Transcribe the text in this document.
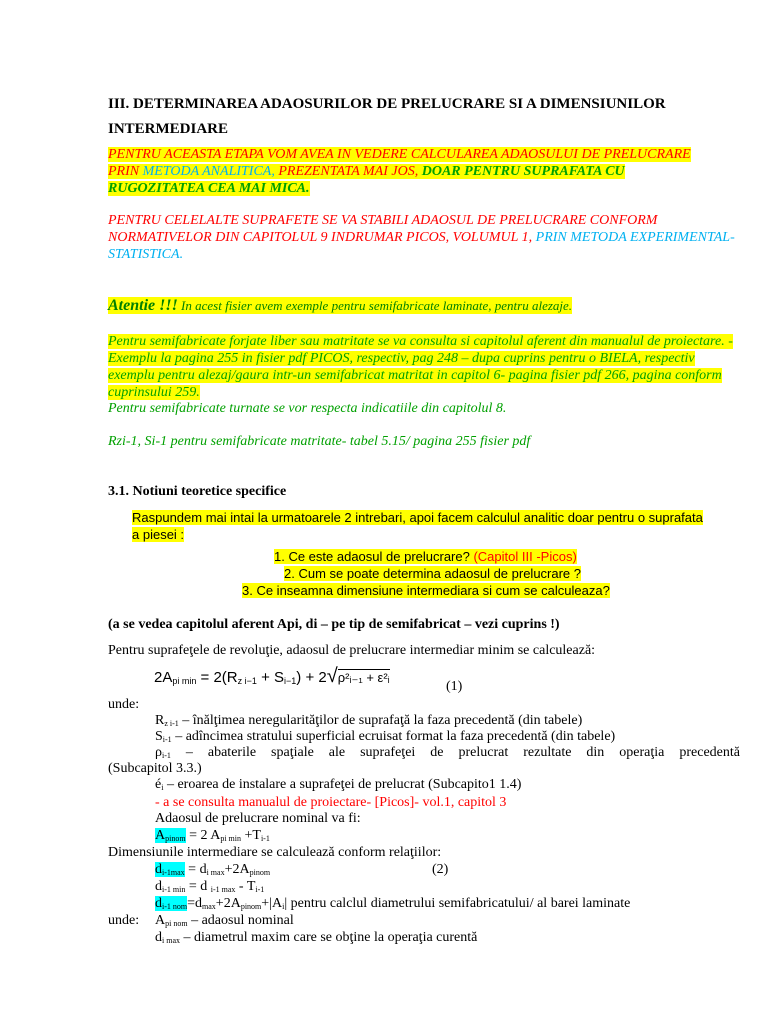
III. DETERMINAREA ADAOSURILOR DE PRELUCRARE SI A DIMENSIUNILOR
INTERMEDIARE
PENTRU ACEASTA ETAPA VOM AVEA IN VEDERE CALCULAREA ADAOSULUI DE PRELUCRARE PRIN METODA ANALITICA, PREZENTATA MAI JOS, DOAR PENTRU SUPRAFATA CU RUGOZITATEA CEA MAI MICA.
PENTRU CELELALTE SUPRAFETE SE VA STABILI ADAOSUL DE PRELUCRARE CONFORM NORMATIVELOR DIN CAPITOLUL 9 INDRUMAR PICOS, VOLUMUL 1, PRIN METODA EXPERIMENTAL-STATISTICA.
Atentie !!! In acest fisier avem exemple pentru semifabricate laminate, pentru alezaje.
Pentru semifabricate forjate liber sau matritate se va consulta si capitolul aferent din manualul de proiectare. - Exemplu la pagina 255 in fisier pdf PICOS, respectiv, pag 248 – dupa cuprins pentru o BIELA, respectiv exemplu pentru alezaj/gaura intr-un semifabricat matritat in capitol 6- pagina fisier pdf 266, pagina conform cuprinsului 259.
Pentru semifabricate turnate se vor respecta indicatiile din capitolul 8.
Rzi-1, Si-1 pentru semifabricate matritate- tabel 5.15/ pagina 255 fisier pdf
3.1. Notiuni teoretice specifice
Raspundem mai intai la urmatoarele 2 intrebari, apoi facem calculul analitic doar pentru o suprafata a piesei :
1. Ce este adaosul de prelucrare? (Capitol III -Picos)
2. Cum se poate determina adaosul de prelucrare ?
3. Ce inseamna dimensiune intermediara si cum se calculeaza?
(a se vedea capitolul aferent Api, di – pe tip de semifabricat – vezi cuprins !)
Pentru suprafeţele de revoluţie, adaosul de prelucrare intermediar minim se calculează:
2Api min = 2(Rz i−1 + Si−1) + 2√ρ²ᵢ₋₁ + ε²ᵢ
(1)
unde:
Rz i-1 – înălţimea neregularităţilor de suprafaţă la faza precedentă (din tabele)
Si-1 – adîncimea stratului superficial ecruisat format la faza precedentă (din tabele)
ρi-1 – abaterile spaţiale ale suprafeţei de prelucrat rezultate din operaţia precedentă
(Subcapitol 3.3.)
éi – eroarea de instalare a suprafeţei de prelucrat (Subcapito1 1.4)
- a se consulta manualul de proiectare- [Picos]- vol.1, capitol 3
Adaosul de prelucrare nominal va fi:
Apinom = 2 Api min +Ti-1
Dimensiunile intermediare se calculează conform relaţiilor:
di-1max = di max+2Apinom	(2)
di-1 min = d i-1 max - Ti-1
di-1 nom=dmax+2Apinom+|Ai| pentru calclul diametrului semifabricatului/ al barei laminate
unde: Api nom – adaosul nominal
di max – diametrul maxim care se obţine la operaţia curentă
